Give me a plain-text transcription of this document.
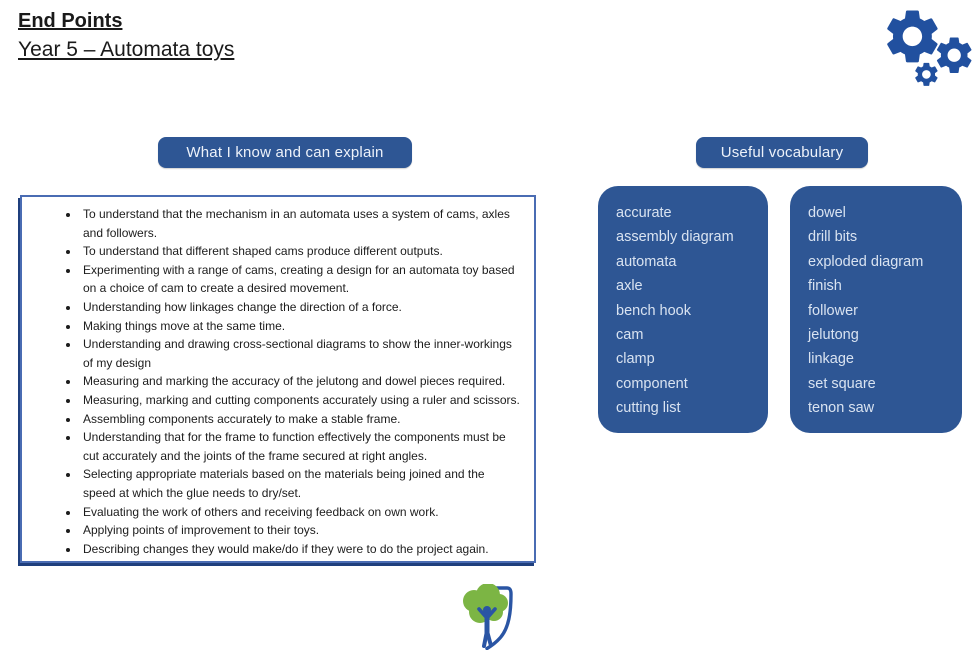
End Points
Year 5 – Automata toys
What I know and can explain	Useful vocabulary
• To understand that the mechanism in an automata uses a system of cams, axles and followers.
• To understand that different shaped cams produce different outputs.
• Experimenting with a range of cams, creating a design for an automata toy based on a choice of cam to create a desired movement.
• Understanding how linkages change the direction of a force.
• Making things move at the same time.
• Understanding and drawing cross-sectional diagrams to show the inner-workings of my design
• Measuring and marking the accuracy of the jelutong and dowel pieces required.
• Measuring, marking and cutting components accurately using a ruler and scissors.
• Assembling components accurately to make a stable frame.
• Understanding that for the frame to function effectively the components must be cut accurately and the joints of the frame secured at right angles.
• Selecting appropriate materials based on the materials being joined and the speed at which the glue needs to dry/set.
• Evaluating the work of others and receiving feedback on own work.
• Applying points of improvement to their toys.
• Describing changes they would make/do if they were to do the project again.
accurate
assembly diagram
automata
axle
bench hook
cam
clamp
component
cutting list
dowel
drill bits
exploded diagram
finish
follower
jelutong
linkage
set square
tenon saw
